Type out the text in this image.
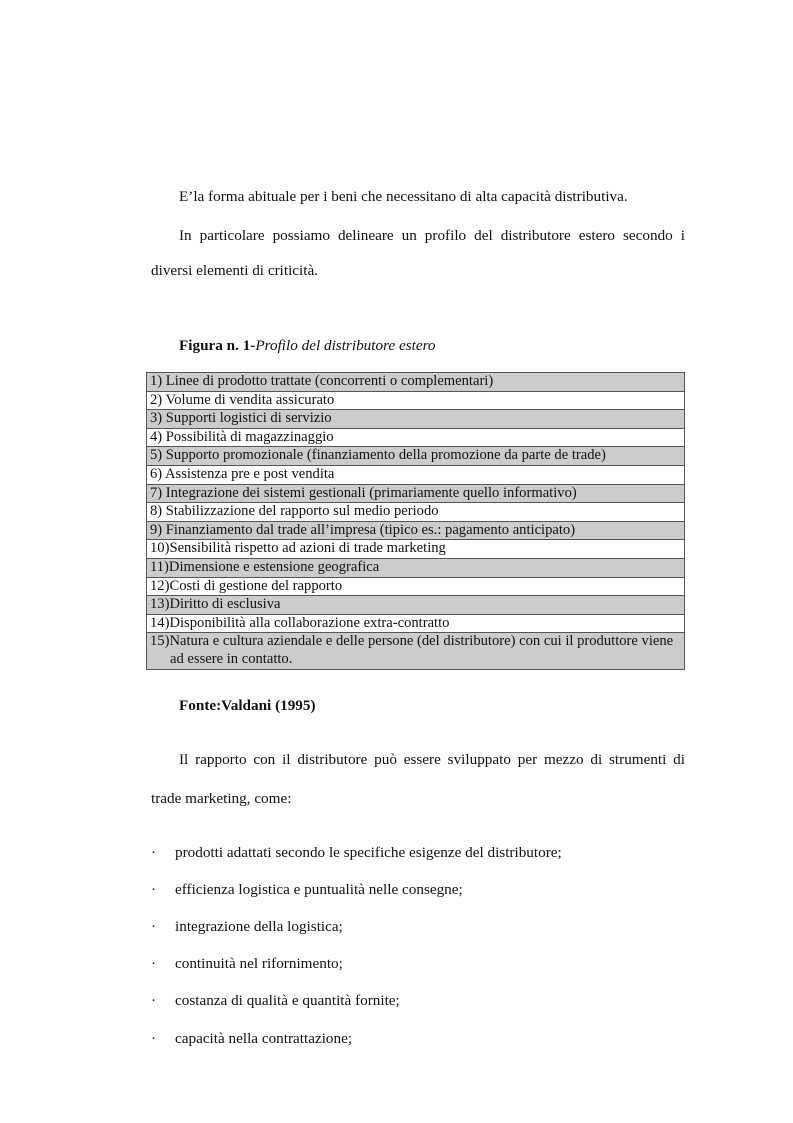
E’la forma abituale per i beni che necessitano di alta capacità distributiva.

In particolare possiamo delineare un profilo del distributore estero secondo i

diversi elementi di criticità.

Figura n. 1-Profilo del distributore estero
1) Linee di prodotto trattate (concorrenti o complementari)
2) Volume di vendita assicurato
3) Supporti logistici di servizio
4) Possibilità di magazzinaggio
5) Supporto promozionale (finanziamento della promozione da parte de trade)
6) Assistenza pre e post vendita
7) Integrazione dei sistemi gestionali (primariamente quello informativo)
8) Stabilizzazione del rapporto sul medio periodo
9) Finanziamento dal trade all’impresa (tipico es.: pagamento anticipato)
10)Sensibilità rispetto ad azioni di trade marketing
11)Dimensione e estensione geografica
12)Costi di gestione del rapporto
13)Diritto di esclusiva
14)Disponibilità alla collaborazione extra-contratto

15)Natura e cultura aziendale e delle persone (del distributore) con cui il produttore viene ad essere in contatto.
Fonte:Valdani (1995)

Il rapporto con il distributore può essere sviluppato per mezzo di strumenti di

trade marketing, come:

· prodotti adattati secondo le specifiche esigenze del distributore;
· efficienza logistica e puntualità nelle consegne;
· integrazione della logistica;
· continuità nel rifornimento;
· costanza di qualità e quantità fornite;
· capacità nella contrattazione;
